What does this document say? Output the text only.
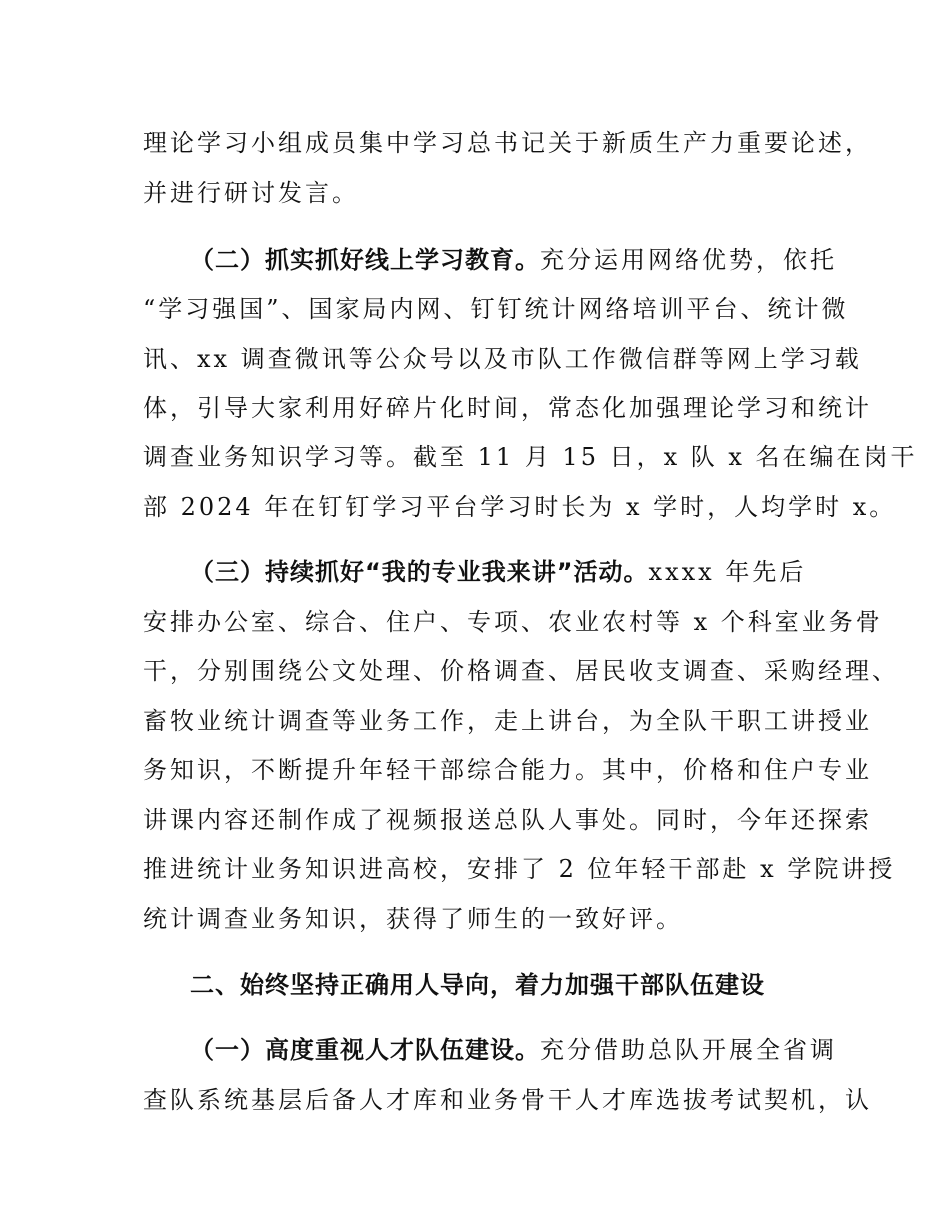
理论学习小组成员集中学习总书记关于新质生产力重要论述，
并进行研讨发言。
（二）抓实抓好线上学习教育。充分运用网络优势，依托
“学习强国”、国家局内网、钉钉统计网络培训平台、统计微
讯、xx 调查微讯等公众号以及市队工作微信群等网上学习载
体，引导大家利用好碎片化时间，常态化加强理论学习和统计
调查业务知识学习等。截至 11 月 15 日，x 队 x 名在编在岗干
部 2024 年在钉钉学习平台学习时长为 x 学时，人均学时 x。
（三）持续抓好“我的专业我来讲”活动。xxxx 年先后
安排办公室、综合、住户、专项、农业农村等 x 个科室业务骨
干，分别围绕公文处理、价格调查、居民收支调查、采购经理、
畜牧业统计调查等业务工作，走上讲台，为全队干职工讲授业
务知识，不断提升年轻干部综合能力。其中，价格和住户专业
讲课内容还制作成了视频报送总队人事处。同时，今年还探索
推进统计业务知识进高校，安排了 2 位年轻干部赴 x 学院讲授
统计调查业务知识，获得了师生的一致好评。
二、始终坚持正确用人导向，着力加强干部队伍建设
（一）高度重视人才队伍建设。充分借助总队开展全省调
查队系统基层后备人才库和业务骨干人才库选拔考试契机，认
